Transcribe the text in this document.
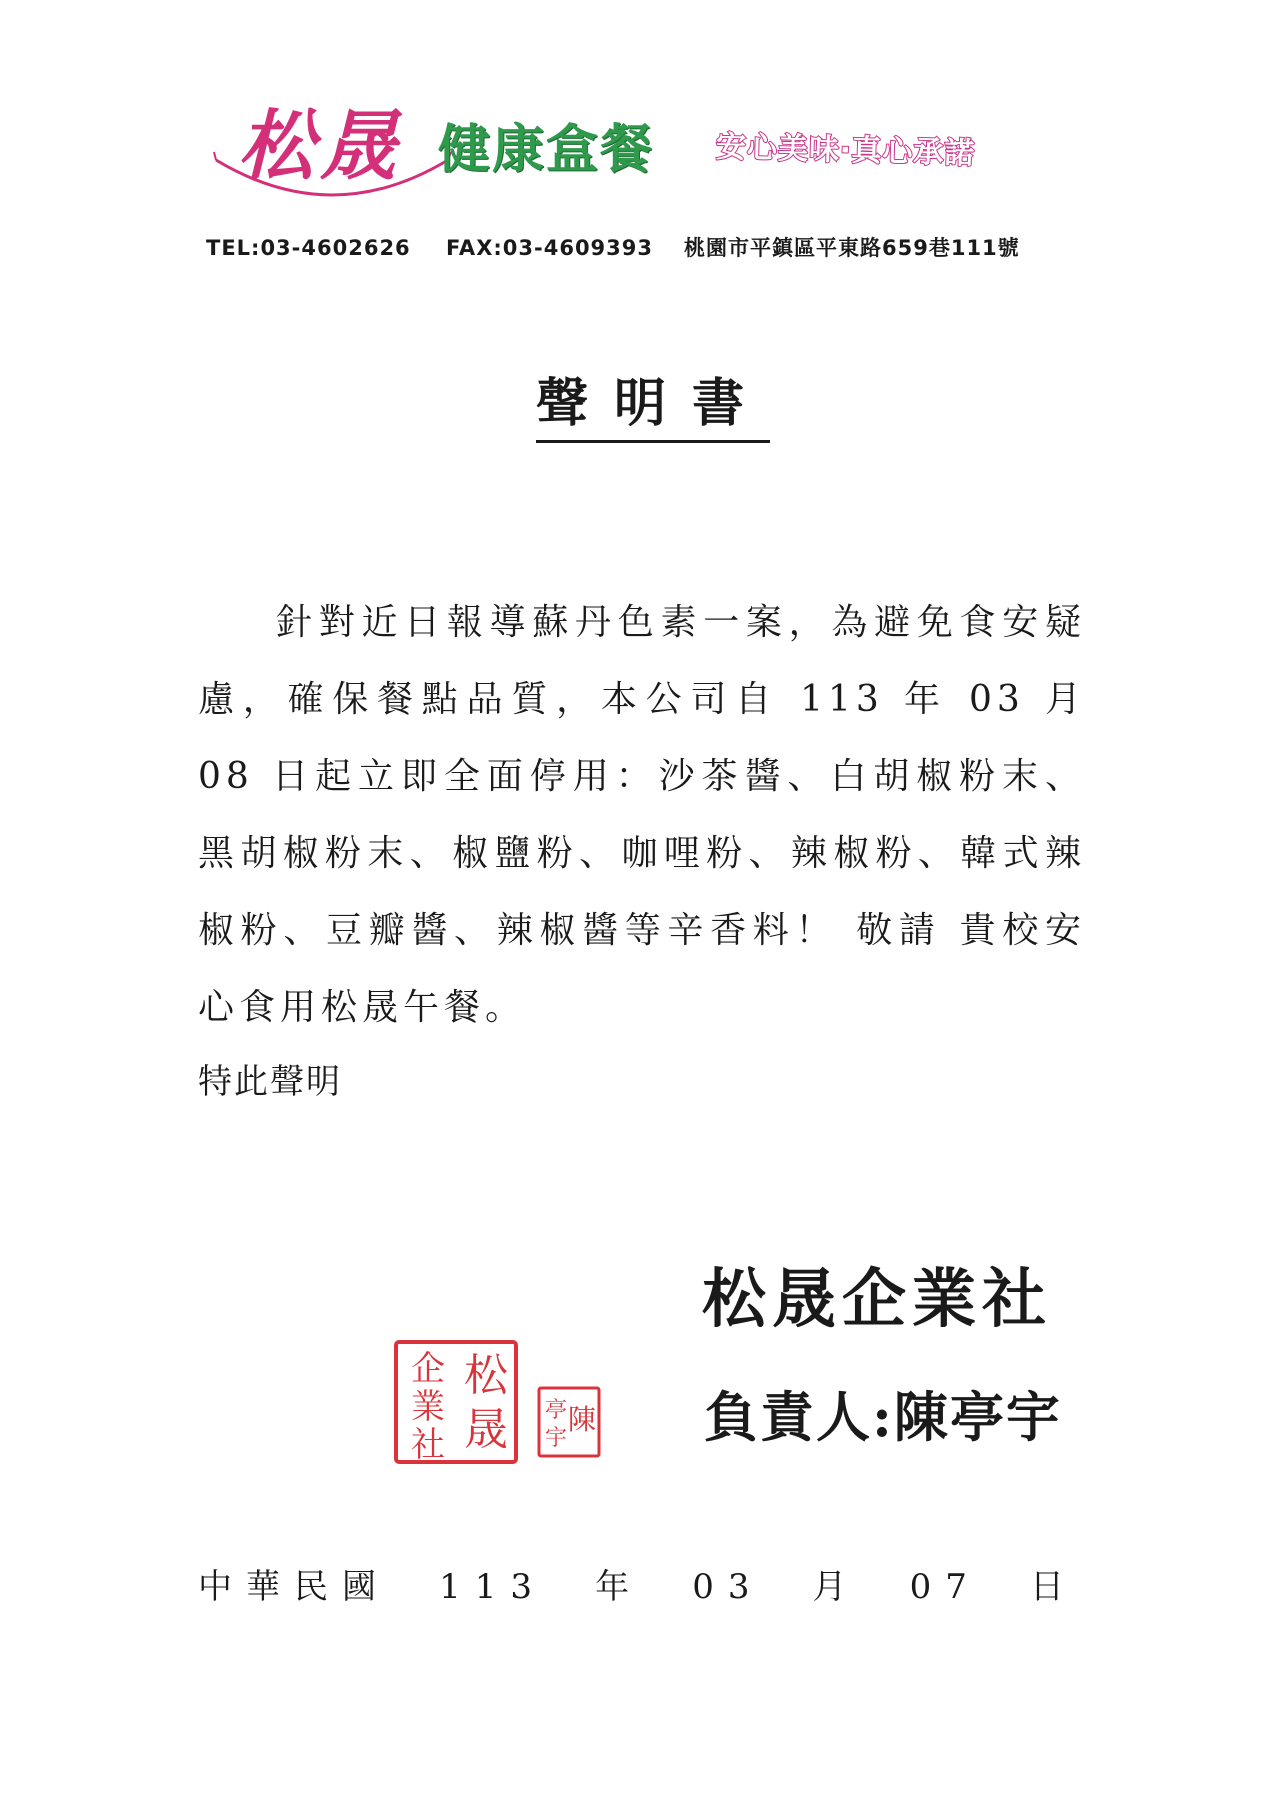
松晟 健康盒餐 安心美味‧真心承諾
TEL:03-4602626 FAX:03-4609393 桃園市平鎮區平東路659巷111號
聲明書

針對近日報導蘇丹色素一案，為避免食安疑慮，確保餐點品質，本公司自 113 年 03 月 08 日起立即全面停用：沙茶醬、白胡椒粉末、黑胡椒粉末、椒鹽粉、咖哩粉、辣椒粉、韓式辣椒粉、豆瓣醬、辣椒醬等辛香料！ 敬請 貴校安心食用松晟午餐。

特此聲明
松晟企業社
松
晟
企
業
社
陳
亭
宇	負責人:陳亭宇
中華民國 113 年 03 月 07 日
